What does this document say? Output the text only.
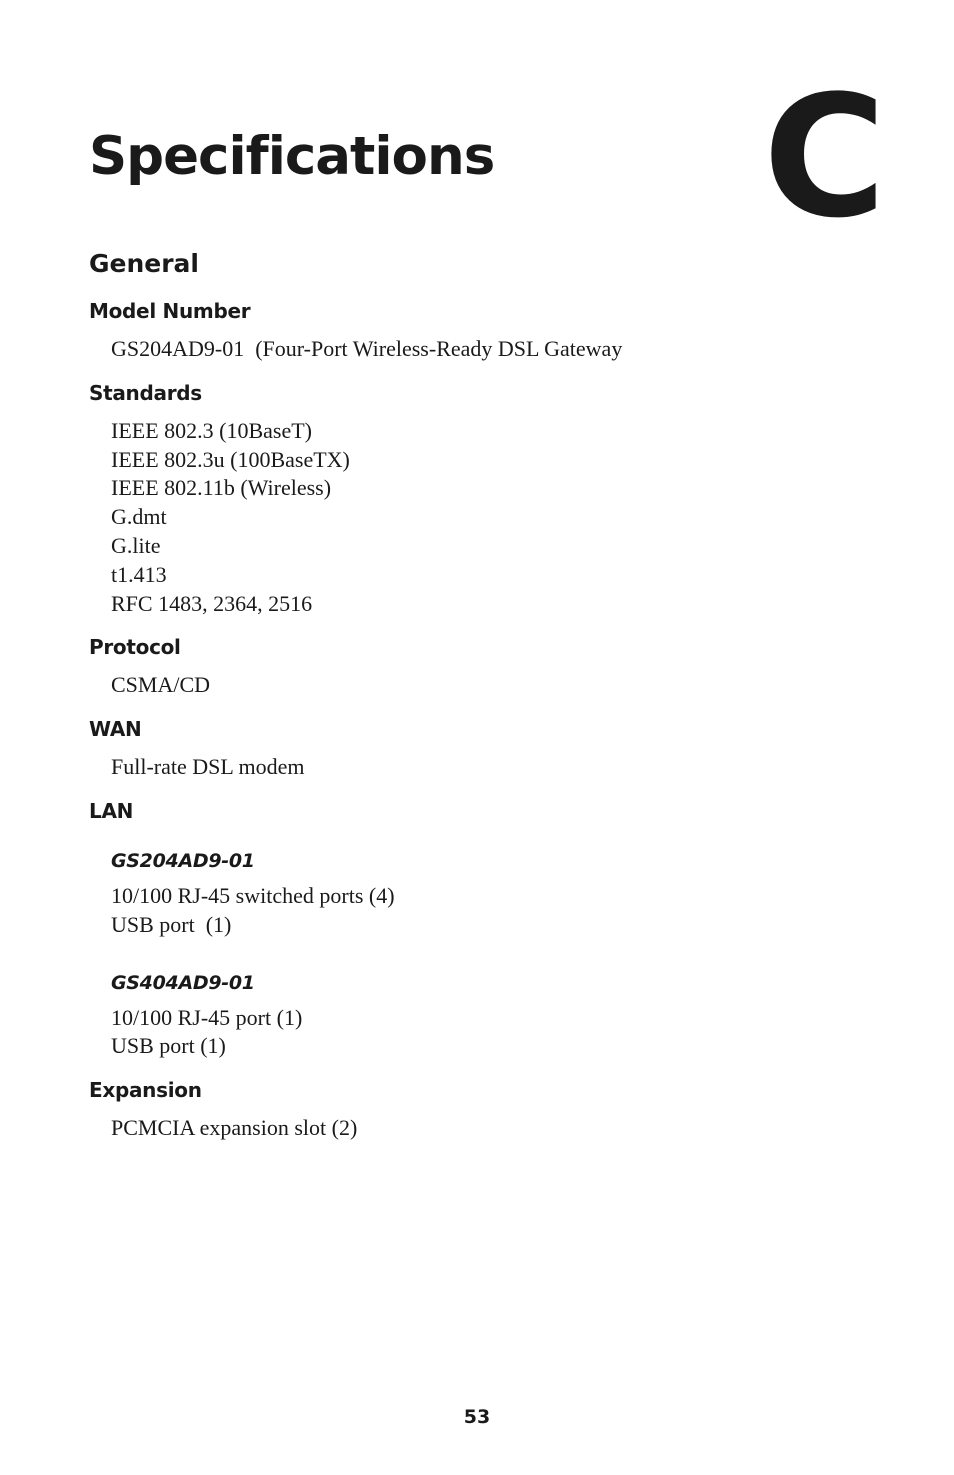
Specifications C
General
Model Number
GS204AD9-01  (Four-Port Wireless-Ready DSL Gateway
Standards
IEEE 802.3 (10BaseT)
IEEE 802.3u (100BaseTX)
IEEE 802.11b (Wireless)
G.dmt
G.lite
t1.413
RFC 1483, 2364, 2516
Protocol
CSMA/CD
WAN
Full-rate DSL modem
LAN
GS204AD9-01
10/100 RJ-45 switched ports (4)
USB port  (1)
GS404AD9-01
10/100 RJ-45 port (1)
USB port (1)
Expansion
PCMCIA expansion slot (2)
53
